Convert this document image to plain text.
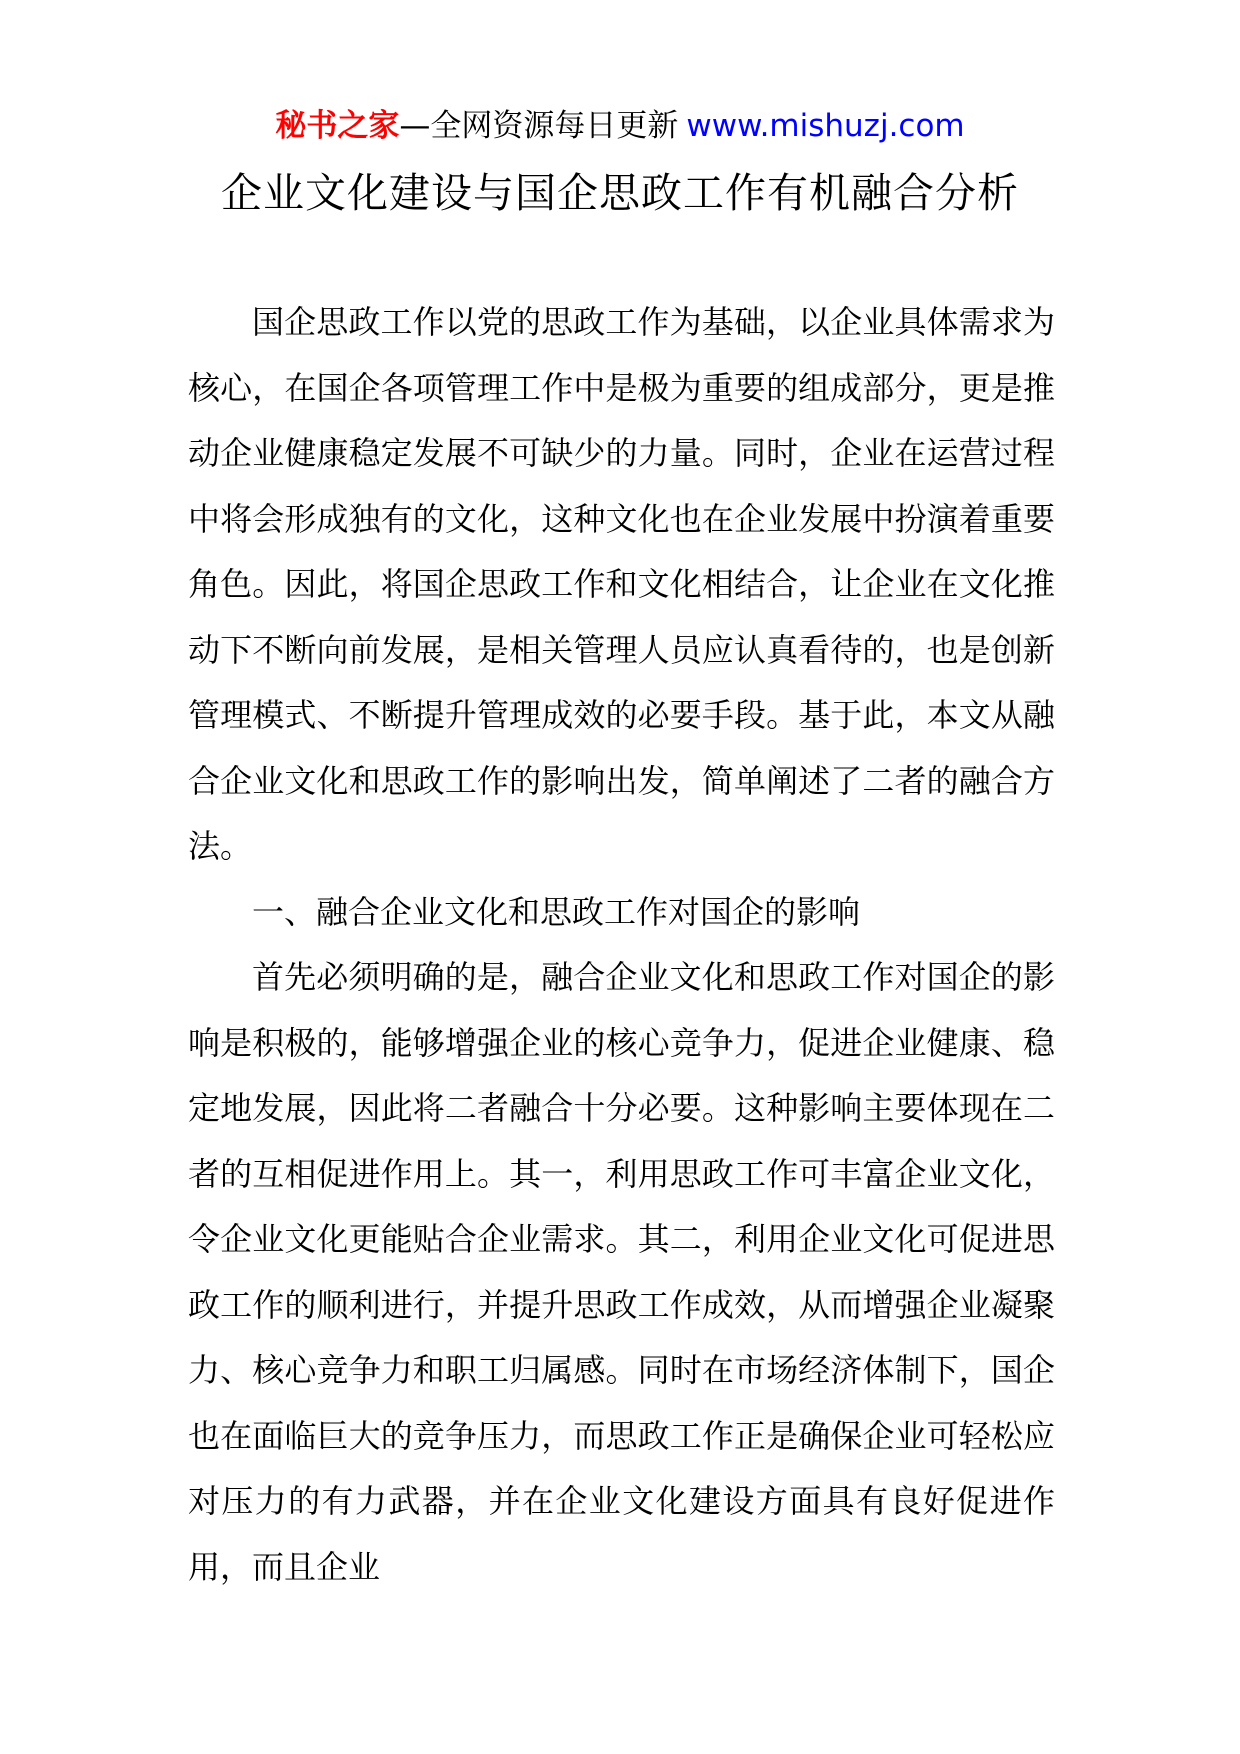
秘书之家—全网资源每日更新 www.mishuzj.com
企业文化建设与国企思政工作有机融合分析

国企思政工作以党的思政工作为基础，以企业具体需求为核心，在国企各项管理工作中是极为重要的组成部分，更是推动企业健康稳定发展不可缺少的力量。同时，企业在运营过程中将会形成独有的文化，这种文化也在企业发展中扮演着重要角色。因此，将国企思政工作和文化相结合，让企业在文化推动下不断向前发展，是相关管理人员应认真看待的，也是创新管理模式、不断提升管理成效的必要手段。基于此，本文从融合企业文化和思政工作的影响出发，简单阐述了二者的融合方法。

一、融合企业文化和思政工作对国企的影响

首先必须明确的是，融合企业文化和思政工作对国企的影响是积极的，能够增强企业的核心竞争力，促进企业健康、稳定地发展，因此将二者融合十分必要。这种影响主要体现在二者的互相促进作用上。其一，利用思政工作可丰富企业文化，令企业文化更能贴合企业需求。其二，利用企业文化可促进思政工作的顺利进行，并提升思政工作成效，从而增强企业凝聚力、核心竞争力和职工归属感。同时在市场经济体制下，国企也在面临巨大的竞争压力，而思政工作正是确保企业可轻松应对压力的有力武器，并在企业文化建设方面具有良好促进作用，而且企业
